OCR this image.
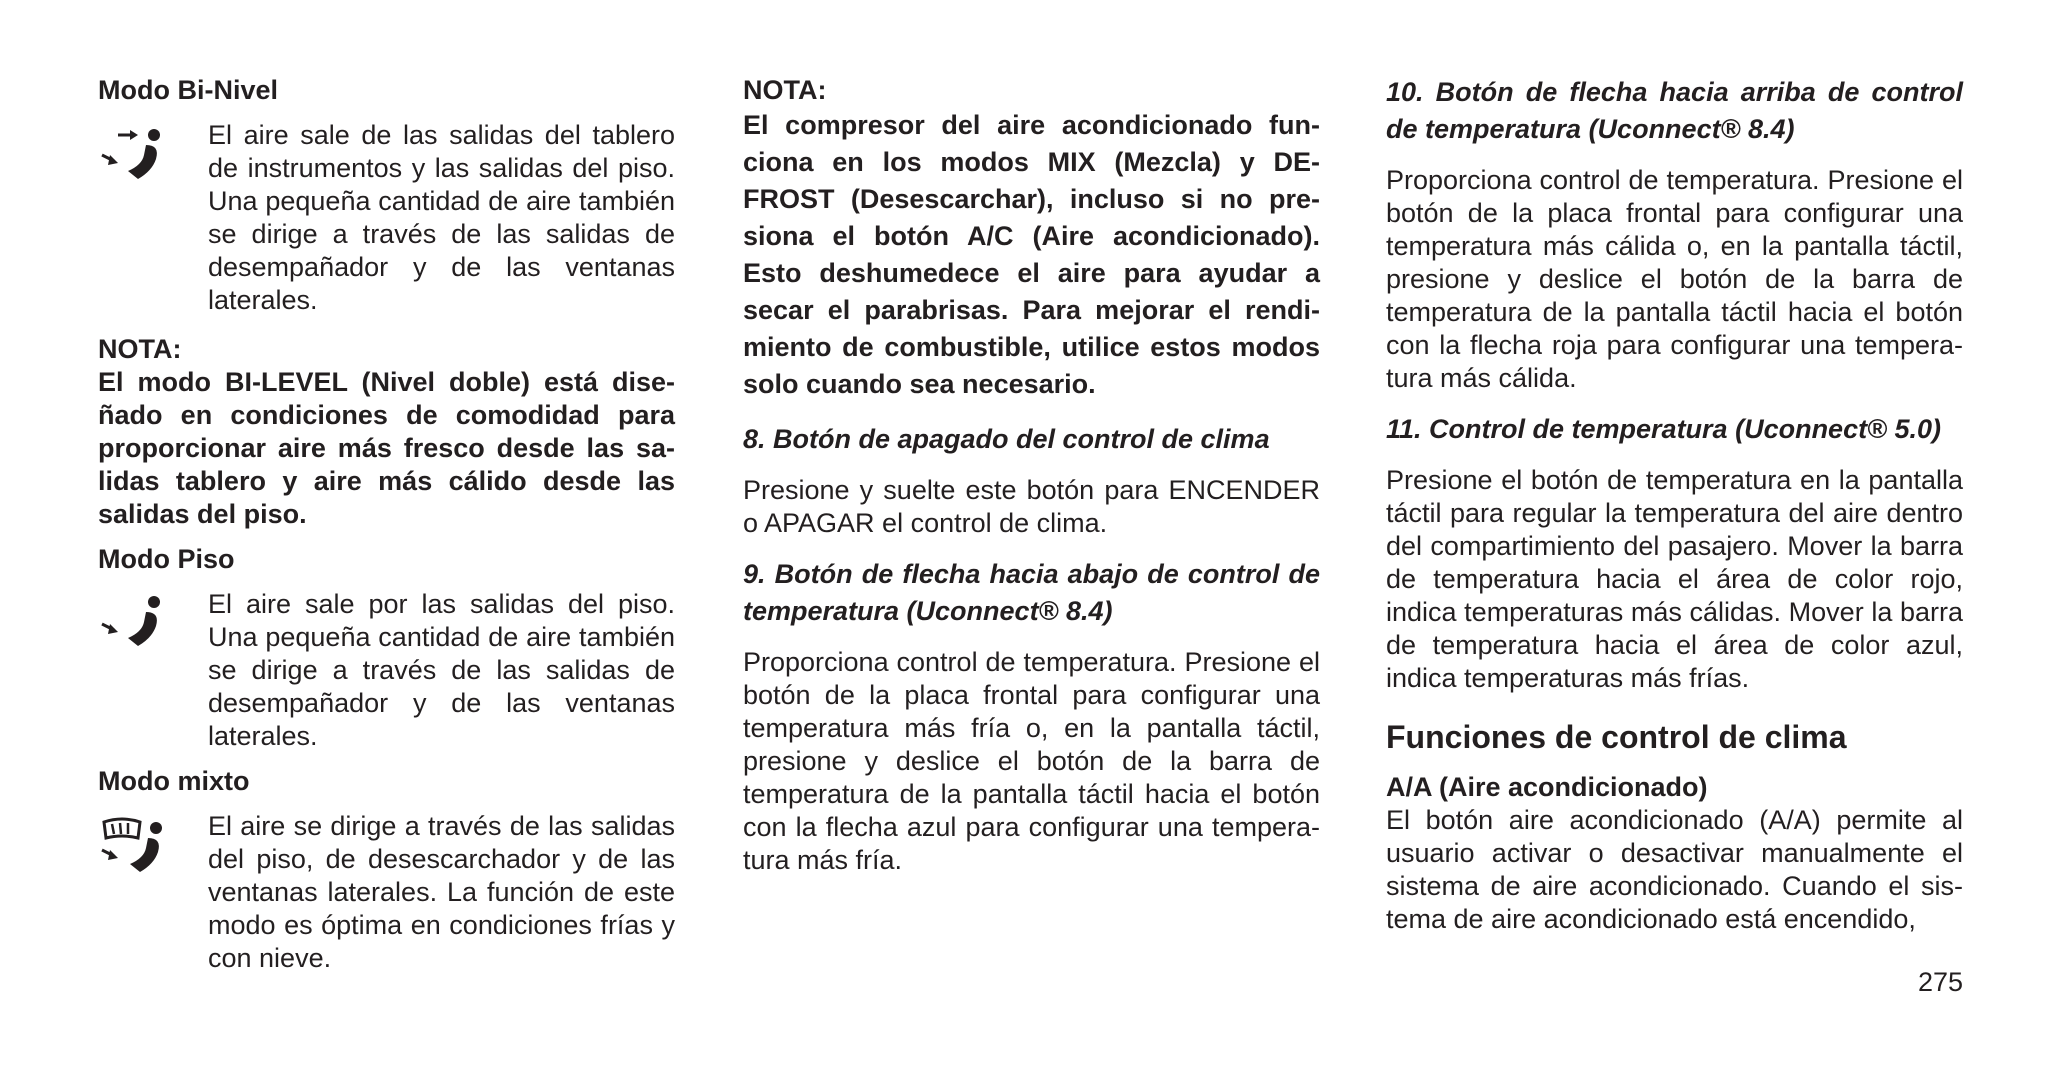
Modo Bi-Nivel

El aire sale de las salidas del tablero de instrumentos y las salidas del piso. Una pequeña cantidad de aire también se dirige a través de las salidas de desempañador y de las ventanas laterales.

NOTA:

El modo BI-LEVEL (Nivel doble) está diseñado en condiciones de comodidad para proporcionar aire más fresco desde las salidas tablero y aire más cálido desde las salidas del piso.

Modo Piso

El aire sale por las salidas del piso. Una pequeña cantidad de aire también se dirige a través de las salidas de desempañador y de las ventanas laterales.

Modo mixto

El aire se dirige a través de las salidas del piso, de desescarchador y de las ventanas laterales. La función de este modo es óptima en condiciones frías y con nieve.

NOTA:

El compresor del aire acondicionado funciona en los modos MIX (Mezcla) y DEFROST (Desescarchar), incluso si no presiona el botón A/C (Aire acondicionado). Esto deshumedece el aire para ayudar a secar el parabrisas. Para mejorar el rendimiento de combustible, utilice estos modos solo cuando sea necesario.

8. Botón de apagado del control de clima

Presione y suelte este botón para ENCENDER o APAGAR el control de clima.

9. Botón de flecha hacia abajo de control de temperatura (Uconnect® 8.4)

Proporciona control de temperatura. Presione el botón de la placa frontal para configurar una temperatura más fría o, en la pantalla táctil, presione y deslice el botón de la barra de temperatura de la pantalla táctil hacia el botón con la flecha azul para configurar una temperatura más fría.

10. Botón de flecha hacia arriba de control de temperatura (Uconnect® 8.4)

Proporciona control de temperatura. Presione el botón de la placa frontal para configurar una temperatura más cálida o, en la pantalla táctil, presione y deslice el botón de la barra de temperatura de la pantalla táctil hacia el botón con la flecha roja para configurar una temperatura más cálida.

11. Control de temperatura (Uconnect® 5.0)

Presione el botón de temperatura en la pantalla táctil para regular la temperatura del aire dentro del compartimiento del pasajero. Mover la barra de temperatura hacia el área de color rojo, indica temperaturas más cálidas. Mover la barra de temperatura hacia el área de color azul, indica temperaturas más frías.

Funciones de control de clima
A/A (Aire acondicionado)

El botón aire acondicionado (A/A) permite al usuario activar o desactivar manualmente el sistema de aire acondicionado. Cuando el sistema de aire acondicionado está encendido,

275
